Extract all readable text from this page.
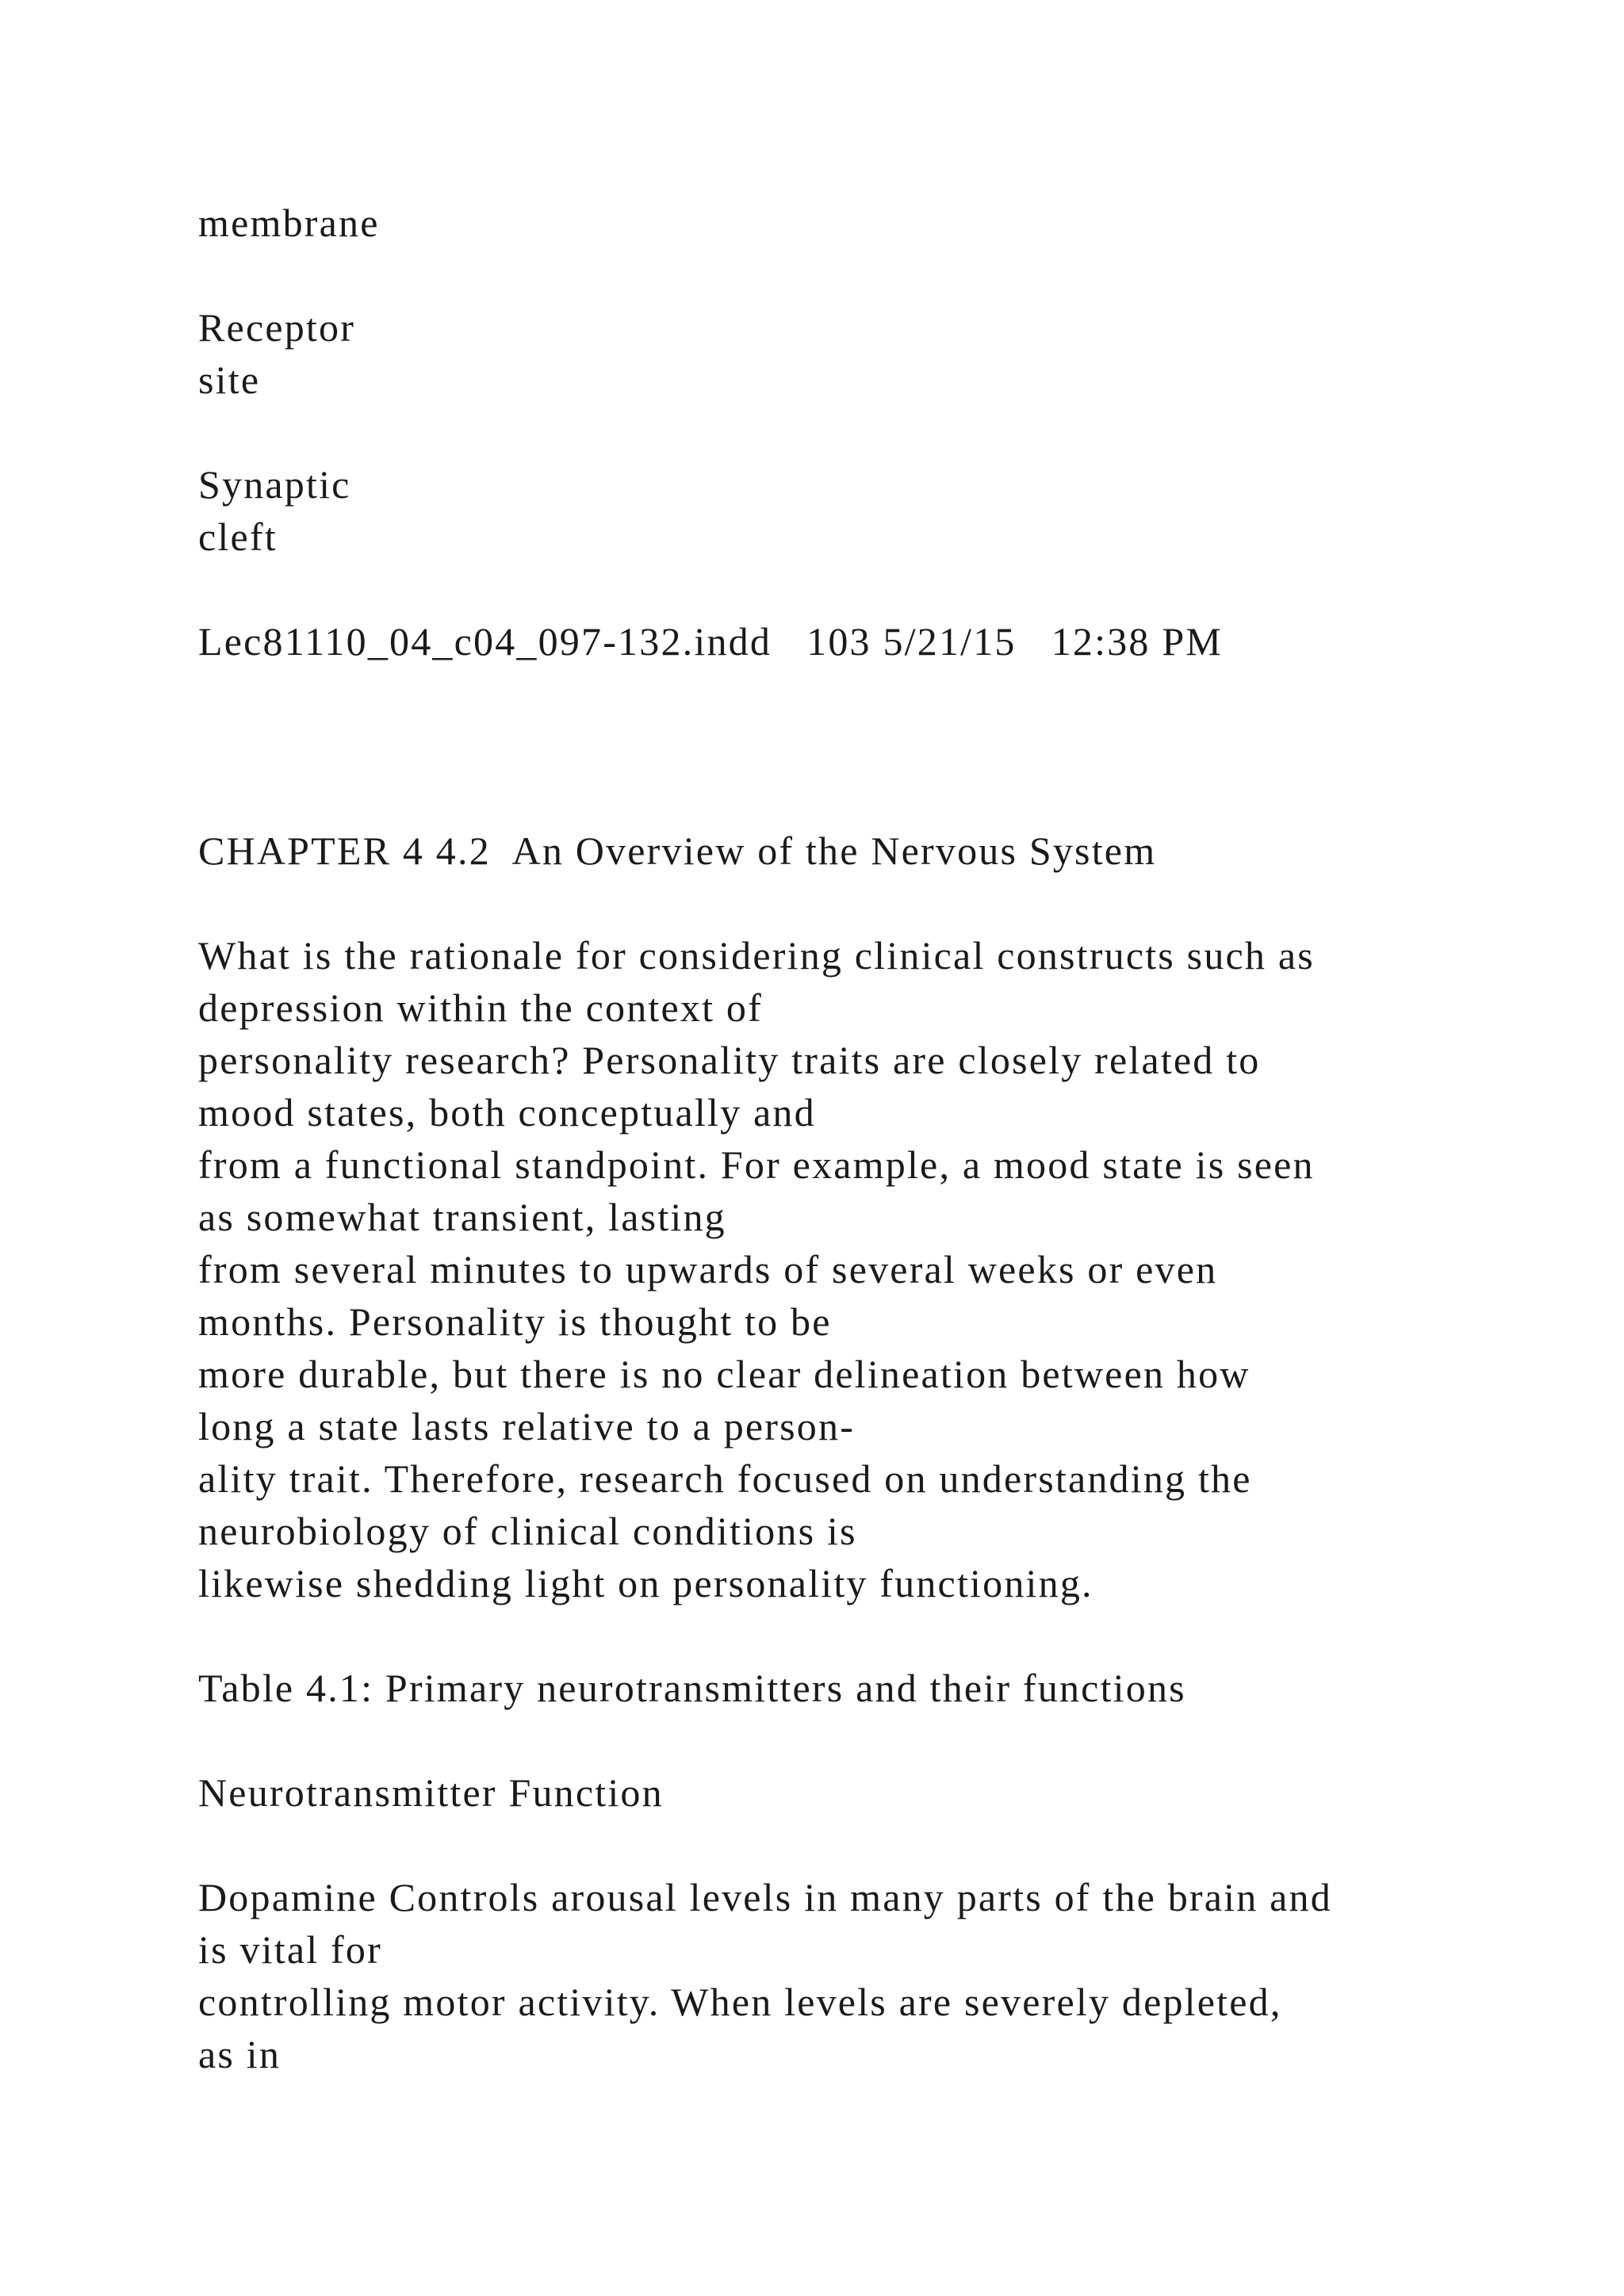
membrane

Receptor

site

Synaptic

cleft

Lec81110_04_c04_097-132.indd   103 5/21/15   12:38 PM

CHAPTER 4 4.2  An Overview of the Nervous System

What is the rationale for considering clinical constructs such as

depression within the context of

personality research? Personality traits are closely related to

mood states, both conceptually and

from a functional standpoint. For example, a mood state is seen

as somewhat transient, lasting

from several minutes to upwards of several weeks or even

months. Personality is thought to be

more durable, but there is no clear delineation between how

long a state lasts relative to a person-

ality trait. Therefore, research focused on understanding the

neurobiology of clinical conditions is

likewise shedding light on personality functioning.

Table 4.1: Primary neurotransmitters and their functions

Neurotransmitter Function

Dopamine Controls arousal levels in many parts of the brain and

is vital for

controlling motor activity. When levels are severely depleted,

as in
